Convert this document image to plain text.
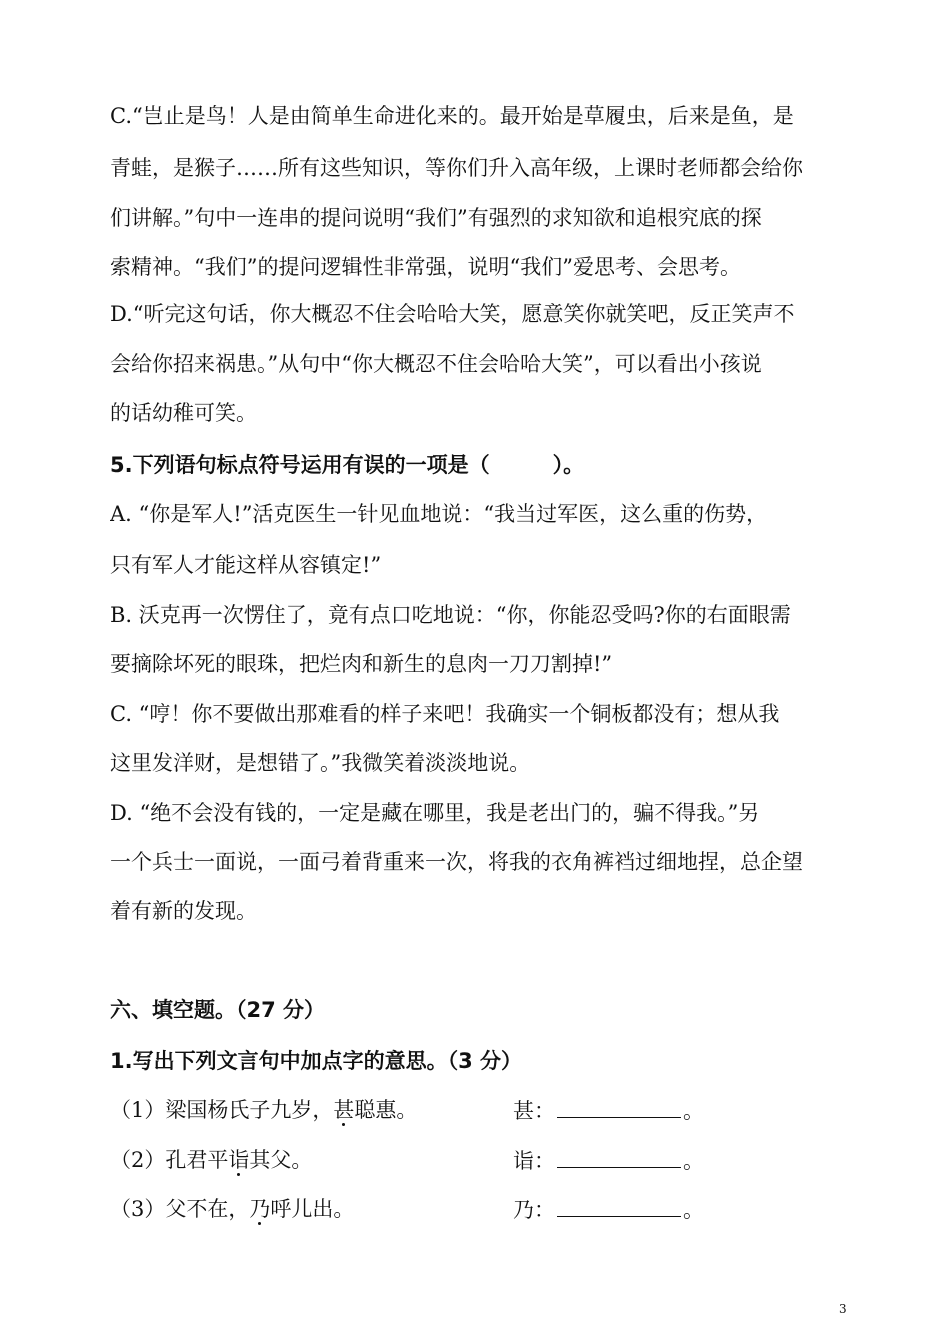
C.“岂止是鸟！人是由简单生命进化来的。最开始是草履虫，后来是鱼，是
青蛙，是猴子……所有这些知识，等你们升入高年级，上课时老师都会给你
们讲解。”句中一连串的提问说明“我们”有强烈的求知欲和追根究底的探
索精神。“我们”的提问逻辑性非常强，说明“我们”爱思考、会思考。
D.“听完这句话，你大概忍不住会哈哈大笑，愿意笑你就笑吧，反正笑声不
会给你招来祸患。”从句中“你大概忍不住会哈哈大笑”，可以看出小孩说
的话幼稚可笑。
5.下列语句标点符号运用有误的一项是（　　　）。
A. “你是军人!”活克医生一针见血地说：“我当过军医，这么重的伤势，
只有军人才能这样从容镇定!”
B. 沃克再一次愣住了，竟有点口吃地说：“你，你能忍受吗?你的右面眼需
要摘除坏死的眼珠，把烂肉和新生的息肉一刀刀割掉!”
C. “哼！你不要做出那难看的样子来吧！我确实一个铜板都没有；想从我
这里发洋财，是想错了。”我微笑着淡淡地说。
D. “绝不会没有钱的，一定是藏在哪里，我是老出门的，骗不得我。”另
一个兵士一面说，一面弓着背重来一次，将我的衣角裤裆过细地捏，总企望
着有新的发现。
六、填空题。（27 分）
1.写出下列文言句中加点字的意思。（3 分）
（1）梁国杨氏子九岁，甚聪惠。	甚：	。
（2）孔君平诣其父。	诣：	。
（3）父不在，乃呼儿出。	乃：	。
3
